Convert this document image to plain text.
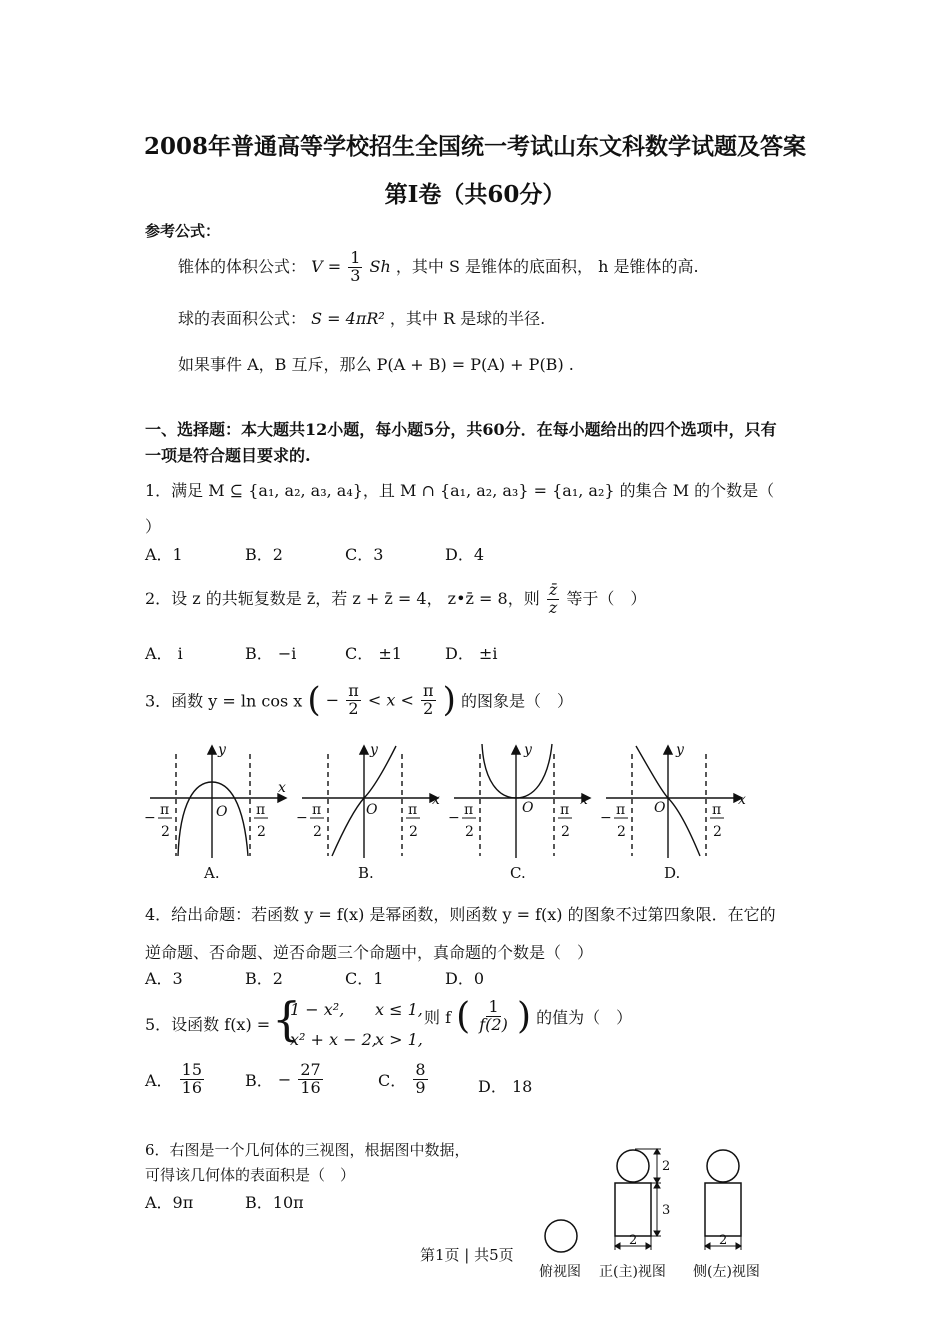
2008年普通高等学校招生全国统一考试山东文科数学试题及答案
第Ⅰ卷（共60分）
参考公式：
锥体的体积公式： $V = \frac{1}{3}$ Sh ，其中 S 是锥体的底面积， h 是锥体的高.
球的表面积公式： S = 4πR² ，其中 R 是球的半径.
如果事件 A，B 互斥，那么 P(A + B) = P(A) + P(B) .
一、选择题：本大题共12小题，每小题5分，共60分．在每小题给出的四个选项中，只有
一项是符合题目要求的.
1．满足 M ⊆ {a₁, a₂, a₃, a₄}，且 M ∩ {a₁, a₂, a₃} = {a₁, a₂} 的集合 M 的个数是（
）
A．1	B．2	C．3	D．4
2．设 z 的共轭复数是 z̄，若 z + z̄ = 4， z•z̄ = 8，则 $\frac{z̄}{z}$ 等于（　）
A． i	B． −i	C． ±1	D． ±i
3．函数 y = ln cos x ( − $\frac{\pi}{2} < x < \frac{\pi}{2}$ ) 的图象是（　）
y
x
O
y
x
O
y
x
O
y
x
O
− π
2
π
2
− π
2
π
2
− π
2
π
2
− π
2
π
2
A.	B.	C.	D.
4．给出命题：若函数 y = f(x) 是幂函数，则函数 y = f(x) 的图象不过第四象限．在它的
逆命题、否命题、逆否命题三个命题中，真命题的个数是（　）
A．3	B．2	C．1	D．0
5．设函数 f(x) = {
1 − x², x ≤ 1,
x² + x − 2,
x > 1,
则 f ( $\frac{1}{f(2)}$ ) 的值为（　）
A． $\frac{15}{16}$	B． − $\frac{27}{16}$	C． $\frac{8}{9}$	D． 18
6．右图是一个几何体的三视图，根据图中数据，
可得该几何体的表面积是（　）
A．9π	B．10π
2
3
2	2
俯视图 正(主)视图 侧(左)视图
第1页 | 共5页
